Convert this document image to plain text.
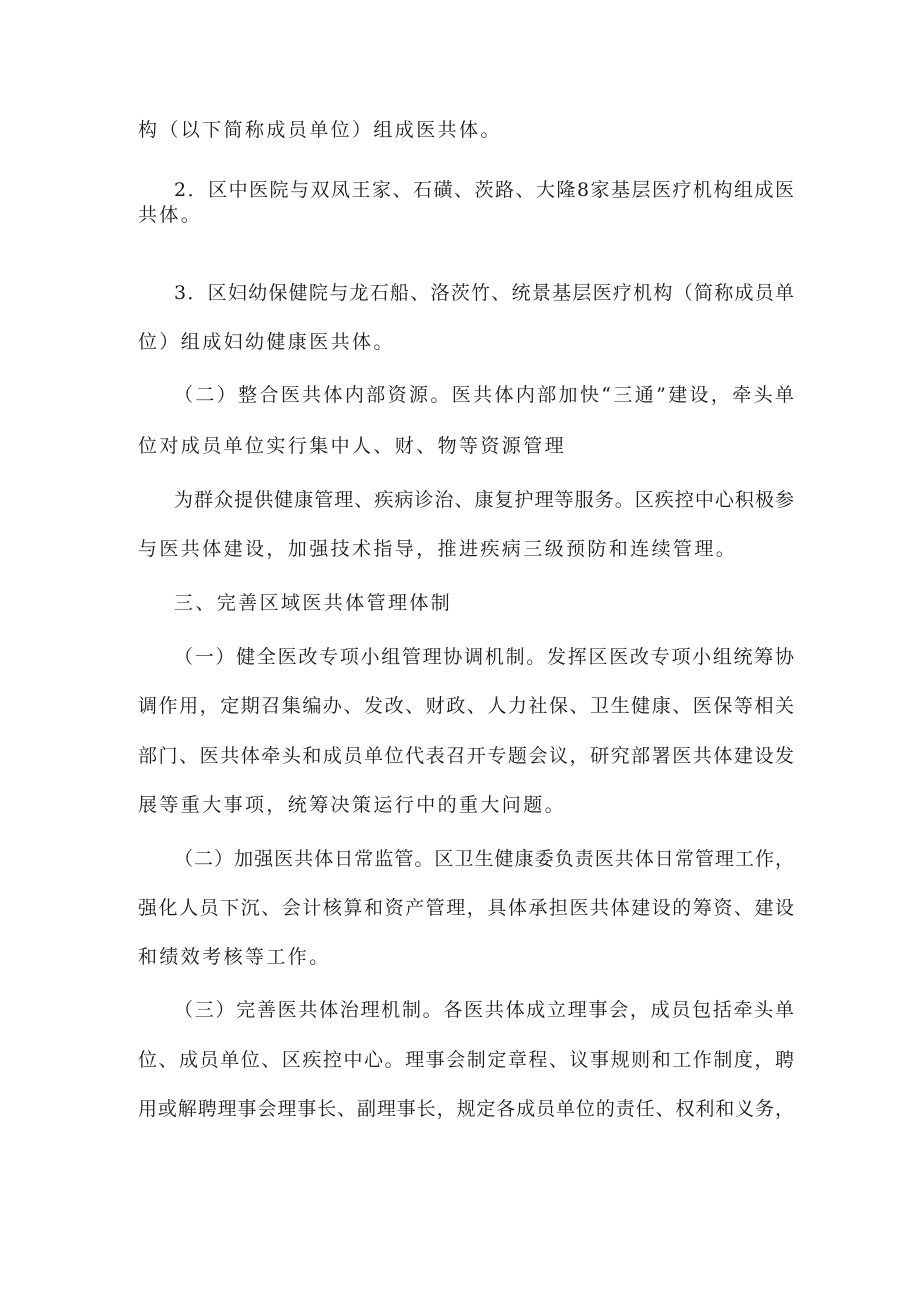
构（以下简称成员单位）组成医共体。
2．区中医院与双凤王家、石磺、茨路、大隆8家基层医疗机构组成医
共体。
3．区妇幼保健院与龙石船、洛茨竹、统景基层医疗机构（简称成员单
位）组成妇幼健康医共体。
（二）整合医共体内部资源。医共体内部加快“三通”建设，牵头单
位对成员单位实行集中人、财、物等资源管理
为群众提供健康管理、疾病诊治、康复护理等服务。区疾控中心积极参
与医共体建设，加强技术指导，推进疾病三级预防和连续管理。
三、完善区域医共体管理体制
（一）健全医改专项小组管理协调机制。发挥区医改专项小组统筹协
调作用，定期召集编办、发改、财政、人力社保、卫生健康、医保等相关
部门、医共体牵头和成员单位代表召开专题会议，研究部署医共体建设发
展等重大事项，统筹决策运行中的重大问题。
（二）加强医共体日常监管。区卫生健康委负责医共体日常管理工作，
强化人员下沉、会计核算和资产管理，具体承担医共体建设的筹资、建设
和绩效考核等工作。
（三）完善医共体治理机制。各医共体成立理事会，成员包括牵头单
位、成员单位、区疾控中心。理事会制定章程、议事规则和工作制度，聘
用或解聘理事会理事长、副理事长，规定各成员单位的责任、权利和义务，
